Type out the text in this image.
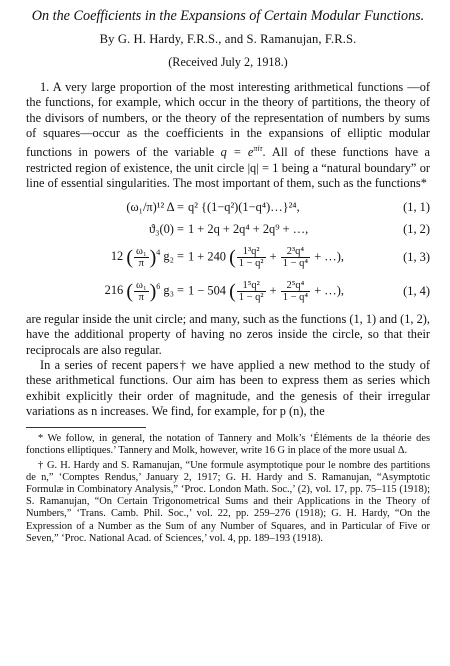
On the Coefficients in the Expansions of Certain Modular Functions.
By G. H. Hardy, F.R.S., and S. Ramanujan, F.R.S.
(Received July 2, 1918.)

1. A very large proportion of the most interesting arithmetical functions —of the functions, for example, which occur in the theory of partitions, the theory of the divisors of numbers, or the theory of the representation of numbers by sums of squares—occur as the coefficients in the expansions of elliptic modular functions in powers of the variable $q = e^{\pi i\tau}$. All of these functions have a restricted region of existence, the unit circle |q| = 1 being a “natural boundary” or line of essential singularities. The most important of them, such as the functions*

(ω₁/π)¹² Δ = q² {(1−q²)(1−q⁴)…}²⁴,	(1, 1)
ϑ₃(0) = 1 + 2q + 2q⁴ + 2q⁹ + …,	(1, 2)
12 ( $\frac{\text{ω₁}}{\pi} )^4$ g₂ = 1 + 240 ( $\frac{\text{1³q²}}{\text{1 − q²}} + \frac{\text{2³q⁴}}{\text{1 − q⁴}}$ + …),	(1, 3)
216 ( $\frac{\text{ω₁}}{\pi} )^6$ g₃ = 1 − 504 ( $\frac{\text{1⁵q²}}{\text{1 − q²}} + \frac{\text{2⁵q⁴}}{\text{1 − q⁴}}$ + …),	(1, 4)

are regular inside the unit circle; and many, such as the functions (1, 1) and (1, 2), have the additional property of having no zeros inside the circle, so that their reciprocals are also regular.

In a series of recent papers† we have applied a new method to the study of these arithmetical functions. Our aim has been to express them as series which exhibit explicitly their order of magnitude, and the genesis of their irregular variations as n increases. We find, for example, for p (n), the

* We follow, in general, the notation of Tannery and Molk’s ‘Éléments de la théorie des fonctions elliptiques.’ Tannery and Molk, however, write 16 G in place of the more usual Δ.

† G. H. Hardy and S. Ramanujan, “Une formule asymptotique pour le nombre des partitions de n,” ‘Comptes Rendus,’ January 2, 1917; G. H. Hardy and S. Ramanujan, “Asymptotic Formulæ in Combinatory Analysis,” ‘Proc. London Math. Soc.,’ (2), vol. 17, pp. 75–115 (1918); S. Ramanujan, “On Certain Trigonometrical Sums and their Applications in the Theory of Numbers,” ‘Trans. Camb. Phil. Soc.,’ vol. 22, pp. 259–276 (1918); G. H. Hardy, “On the Expression of a Number as the Sum of any Number of Squares, and in Particular of Five or Seven,” ‘Proc. National Acad. of Sciences,’ vol. 4, pp. 189–193 (1918).
